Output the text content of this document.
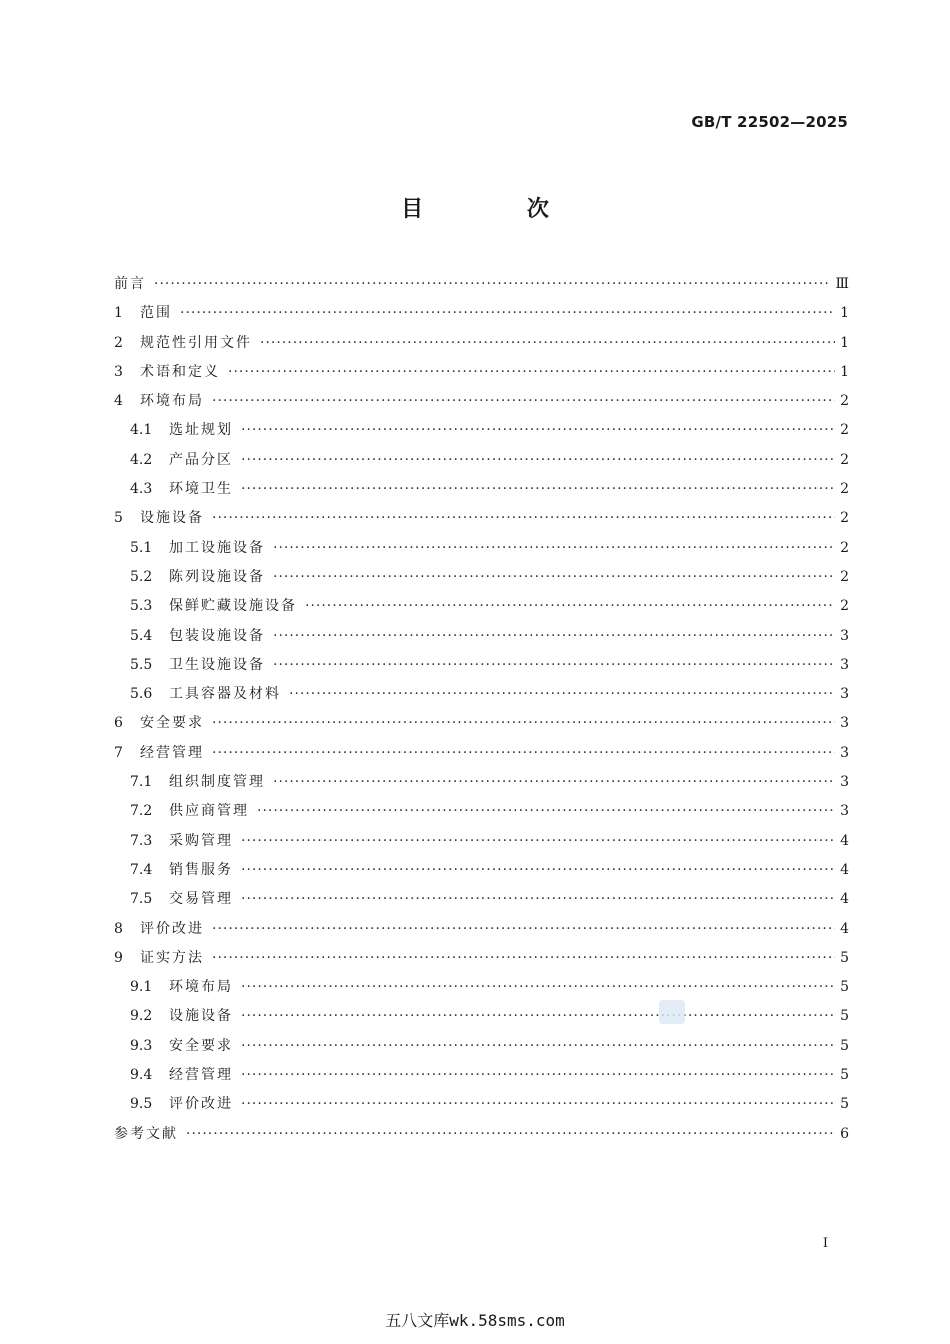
GB/T 22502—2025
目 次
前言 ·····	Ⅲ
1	范围 ·····	1
2	规范性引用文件 ·····	1
3	术语和定义 ·····	1
4	环境布局 ·····	2
4.1	选址规划 ·····	2
4.2	产品分区 ·····	2
4.3	环境卫生 ·····	2
5	设施设备 ·····	2
5.1	加工设施设备 ·····	2
5.2	陈列设施设备 ·····	2
5.3	保鲜贮藏设施设备 ·····	2
5.4	包装设施设备 ·····	3
5.5	卫生设施设备 ·····	3
5.6	工具容器及材料 ·····	3
6	安全要求 ·····	3
7	经营管理 ·····	3
7.1	组织制度管理 ·····	3
7.2	供应商管理 ·····	3
7.3	采购管理 ·····	4
7.4	销售服务 ·····	4
7.5	交易管理 ·····	4
8	评价改进 ·····	4
9	证实方法 ·····	5
9.1	环境布局 ·····	5
9.2	设施设备 ·····	5
9.3	安全要求 ·····	5
9.4	经营管理 ·····	5
9.5	评价改进 ·····	5
参考文献 ·····	6
I
五八文库wk.58sms.com
